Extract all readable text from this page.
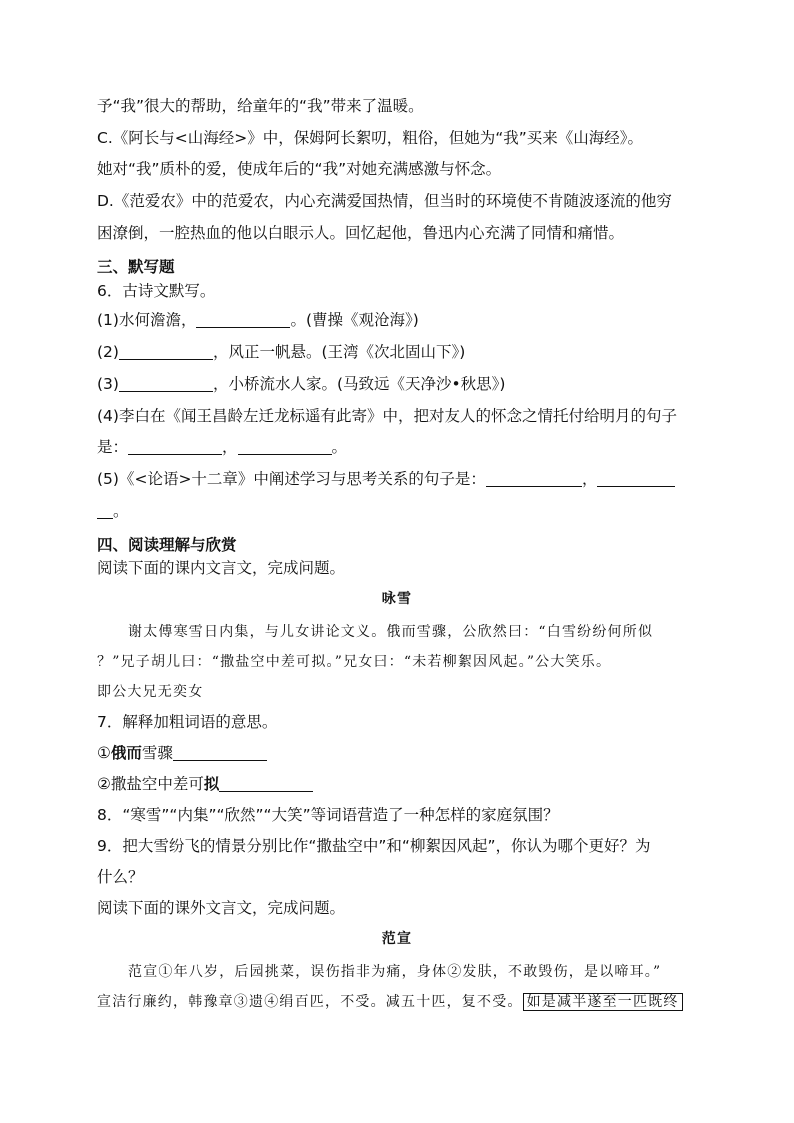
予“我”很大的帮助，给童年的“我”带来了温暖。
C.《阿长与<山海经>》中，保姆阿长絮叨，粗俗，但她为“我”买来《山海经》。
她对“我”质朴的爱，使成年后的“我”对她充满感激与怀念。
D.《范爱农》中的范爱农，内心充满爱国热情，但当时的环境使不肯随波逐流的他穷
困潦倒，一腔热血的他以白眼示人。回忆起他，鲁迅内心充满了同情和痛惜。
三、默写题
6．古诗文默写。
(1)水何澹澹，	。(曹操《观沧海》)
(2)	，风正一帆悬。(王湾《次北固山下》)
(3)	，小桥流水人家。(马致远《天净沙•秋思》)
(4)李白在《闻王昌龄左迁龙标遥有此寄》中，把对友人的怀念之情托付给明月的句子
是：	，	。
(5)《<论语>十二章》中阐述学习与思考关系的句子是：	，
。
四、阅读理解与欣赏
阅读下面的课内文言文，完成问题。
咏雪
谢太傅寒雪日内集，与儿女讲论文义。俄而雪骤，公欣然曰：“白雪纷纷何所似
？”兄子胡儿曰：“撒盐空中差可拟。”兄女曰：“未若柳絮因风起。”公大笑乐。
即公大兄无奕女
7．解释加粗词语的意思。
①俄而雪骤
②撒盐空中差可拟
8．“寒雪”“内集”“欣然”“大笑”等词语营造了一种怎样的家庭氛围？
9．把大雪纷飞的情景分别比作“撒盐空中”和“柳絮因风起”，你认为哪个更好？为
什么？
阅读下面的课外文言文，完成问题。
范宣
范宣①年八岁，后园挑菜，误伤指非为痛，身体②发肤，不敢毁伤，是以啼耳。”
宣洁行廉约，韩豫章③遗④绢百匹，不受。减五十匹，复不受。 如是减半遂至一匹既终
